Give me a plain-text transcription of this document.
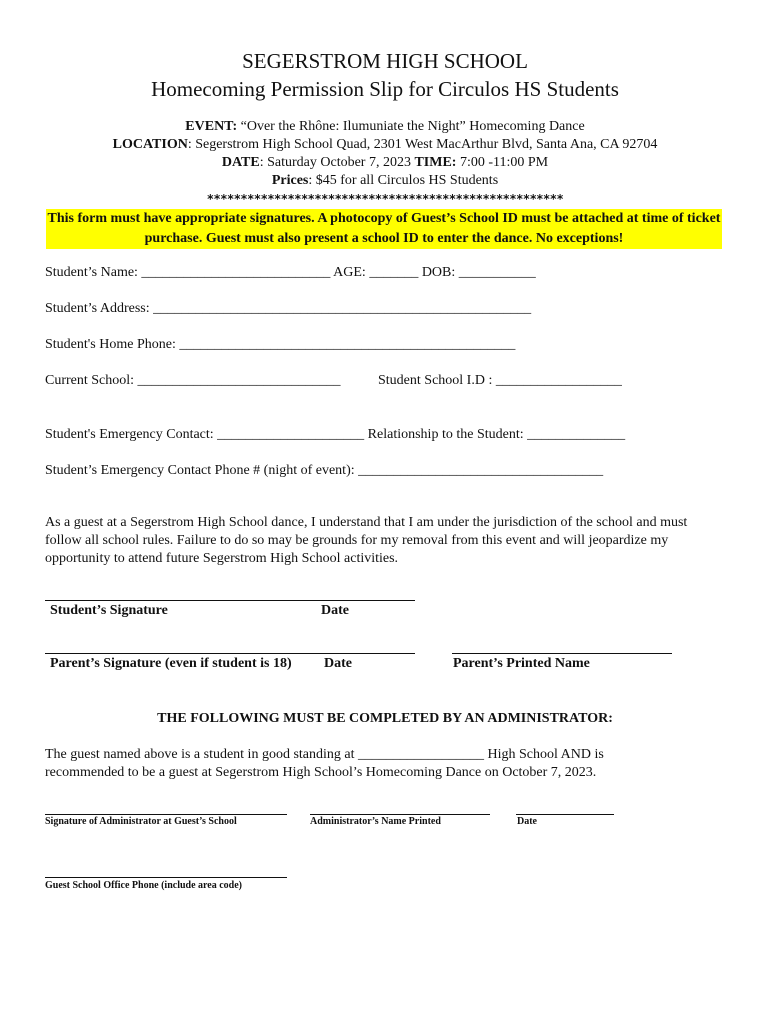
SEGERSTROM HIGH SCHOOL
Homecoming Permission Slip for Circulos HS Students
EVENT: “Over the Rhône: Ilumuniate the Night” Homecoming Dance
LOCATION: Segerstrom High School Quad, 2301 West MacArthur Blvd, Santa Ana, CA 92704
DATE: Saturday October 7, 2023 TIME: 7:00 -11:00 PM
Prices: $45 for all Circulos HS Students
*****************************************************
This form must have appropriate signatures. A photocopy of Guest’s School ID must be attached at time of ticket purchase. Guest must also present a school ID to enter the dance. No exceptions!
Student’s Name: ___________________________ AGE: _______ DOB: ___________
Student’s Address: ______________________________________________________
Student's Home Phone: ________________________________________________
Current School: _____________________________	Student School I.D : __________________
Student's Emergency Contact: _____________________ Relationship to the Student: ______________
Student’s Emergency Contact Phone # (night of event): ___________________________________
As a guest at a Segerstrom High School dance, I understand that I am under the jurisdiction of the school and must follow all school rules. Failure to do so may be grounds for my removal from this event and will jeopardize my opportunity to attend future Segerstrom High School activities.
Student’s Signature	Date
Parent’s Signature (even if student is 18) Date	Parent’s Printed Name
THE FOLLOWING MUST BE COMPLETED BY AN ADMINISTRATOR:
The guest named above is a student in good standing at __________________ High School AND is recommended to be a guest at Segerstrom High School’s Homecoming Dance on October 7, 2023.
Signature of Administrator at Guest’s School	Administrator’s Name Printed	Date
Guest School Office Phone (include area code)
